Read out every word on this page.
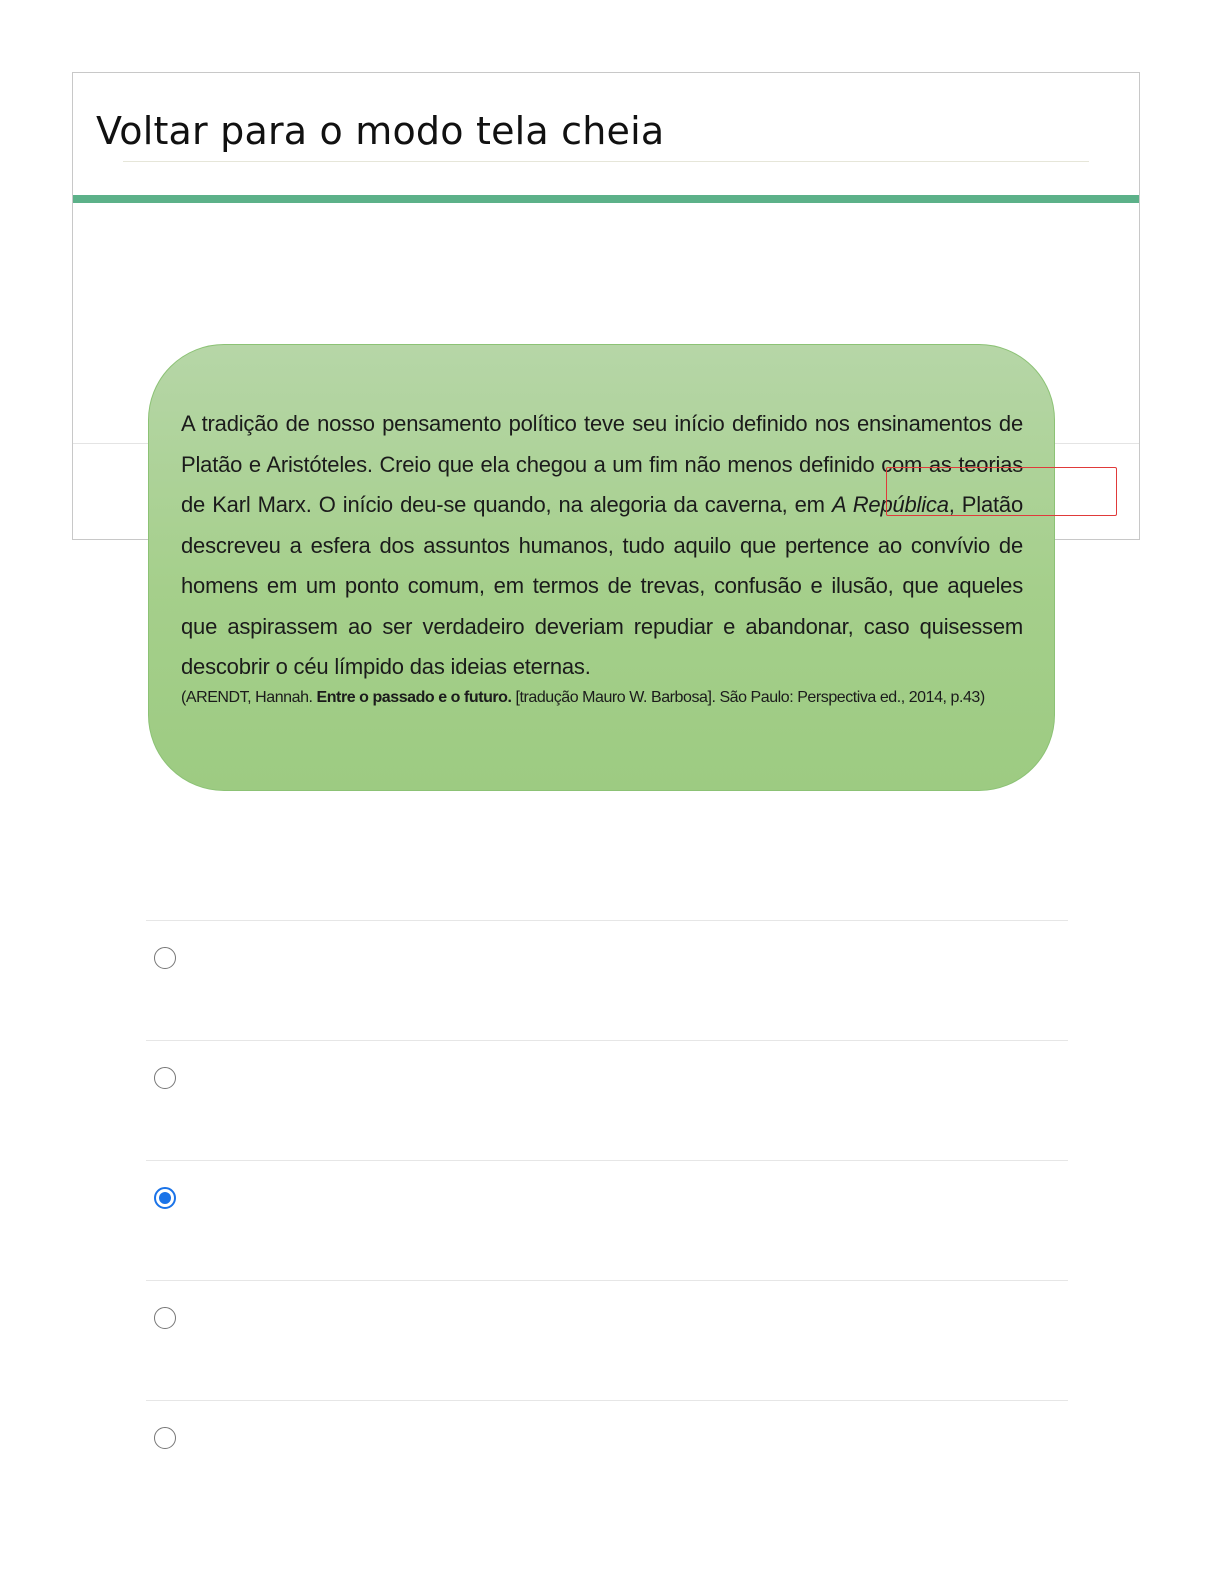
Voltar para o modo tela cheia

A tradição de nosso pensamento político teve seu início definido nos ensinamentos de Platão e Aristóteles. Creio que ela chegou a um fim não menos definido com as teorias de Karl Marx. O início deu-se quando, na alegoria da caverna, em A República, Platão descreveu a esfera dos assuntos humanos, tudo aquilo que pertence ao convívio de homens em um ponto comum, em termos de trevas, confusão e ilusão, que aqueles que aspirassem ao ser verdadeiro deveriam repudiar e abandonar, caso quisessem descobrir o céu límpido das ideias eternas.

(ARENDT, Hannah. Entre o passado e o futuro. [tradução Mauro W. Barbosa]. São Paulo: Perspectiva ed., 2014, p.43)
